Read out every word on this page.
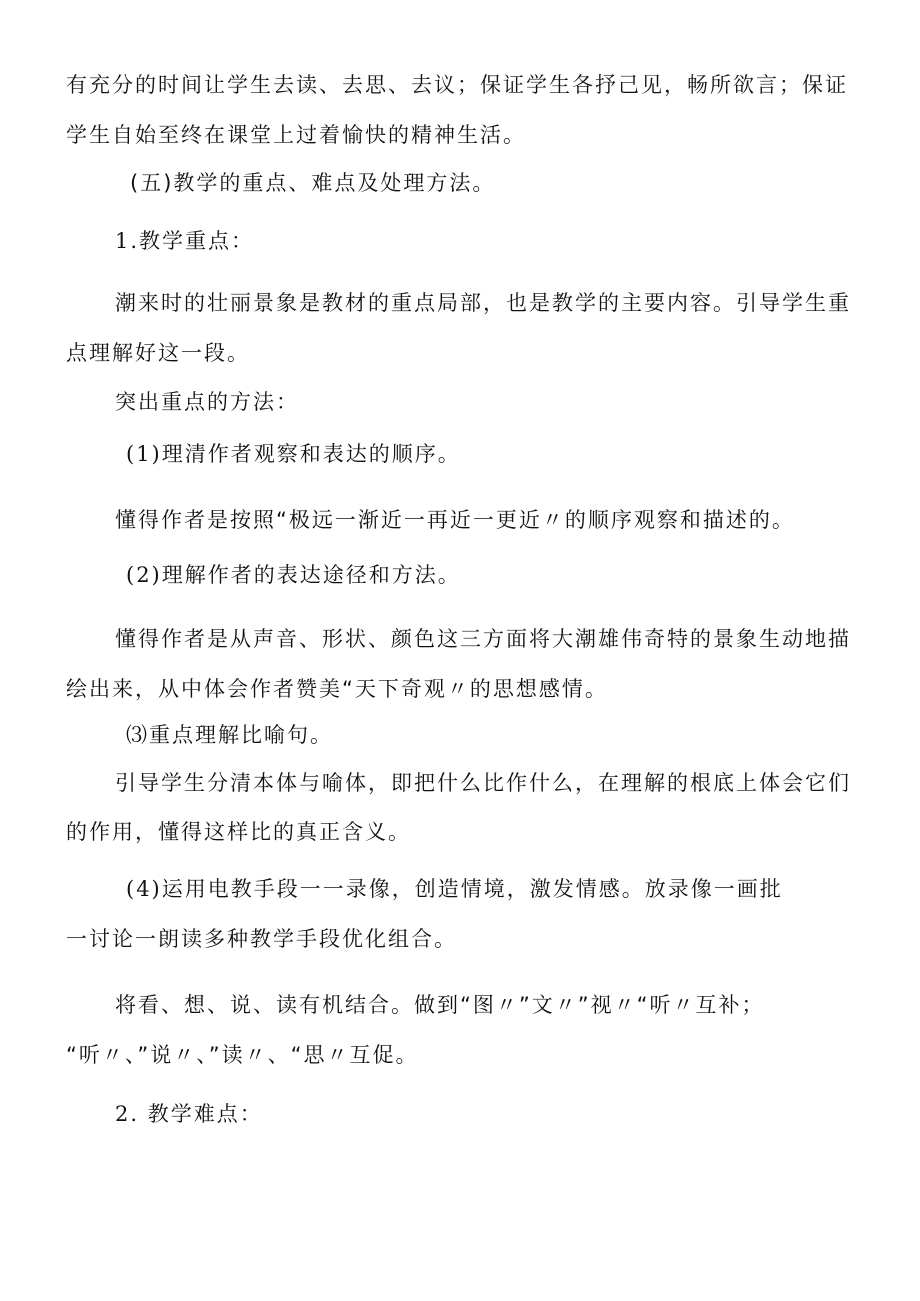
有充分的时间让学生去读、去思、去议；保证学生各抒己见，畅所欲言；保证
学生自始至终在课堂上过着愉快的精神生活。
(五)教学的重点、难点及处理方法。
1.教学重点：
潮来时的壮丽景象是教材的重点局部，也是教学的主要内容。引导学生重
点理解好这一段。
突出重点的方法：
(1)理清作者观察和表达的顺序。
懂得作者是按照“极远一渐近一再近一更近〃的顺序观察和描述的。
(2)理解作者的表达途径和方法。
懂得作者是从声音、形状、颜色这三方面将大潮雄伟奇特的景象生动地描
绘出来，从中体会作者赞美“天下奇观〃的思想感情。
⑶重点理解比喻句。
引导学生分清本体与喻体，即把什么比作什么，在理解的根底上体会它们
的作用，懂得这样比的真正含义。
(4)运用电教手段一一录像，创造情境，激发情感。放录像一画批
一讨论一朗读多种教学手段优化组合。
将看、想、说、读有机结合。做到“图〃”文〃”视〃“听〃互补；
“听〃、”说〃、”读〃、“思〃互促。
2. 教学难点：
